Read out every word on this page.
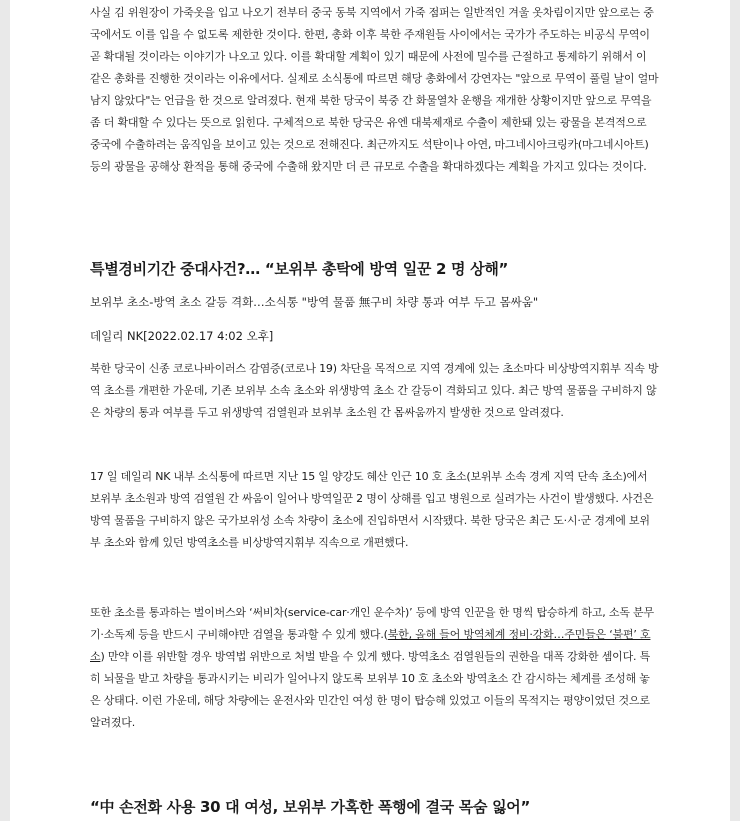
사실 김 위원장이 가죽옷을 입고 나오기 전부터 중국 동북 지역에서 가죽 점퍼는 일반적인 겨울 옷차림이지만 앞으로는 중국에서도 이를 입을 수 없도록 제한한 것이다. 한편, 총화 이후 북한 주재원들 사이에서는 국가가 주도하는 비공식 무역이 곧 확대될 것이라는 이야기가 나오고 있다. 이를 확대할 계획이 있기 때문에 사전에 밀수를 근절하고 통제하기 위해서 이 같은 총화를 진행한 것이라는 이유에서다. 실제로 소식통에 따르면 해당 총화에서 강연자는 "앞으로 무역이 풀릴 날이 얼마 남지 않았다"는 언급을 한 것으로 알려졌다. 현재 북한 당국이 북중 간 화물열차 운행을 재개한 상황이지만 앞으로 무역을 좀 더 확대할 수 있다는 뜻으로 읽힌다. 구체적으로 북한 당국은 유엔 대북제재로 수출이 제한돼 있는 광물을 본격적으로 중국에 수출하려는 움직임을 보이고 있는 것으로 전해진다. 최근까지도 석탄이나 아연, 마그네시아크링카(마그네시아트) 등의 광물을 공해상 환적을 통해 중국에 수출해 왔지만 더 큰 규모로 수출을 확대하겠다는 계획을 가지고 있다는 것이다.

특별경비기간 중대사건?… “보위부 총탁에 방역 일꾼 2 명 상해”

보위부 초소-방역 초소 갈등 격화…소식통 "방역 물품 無구비 차량 통과 여부 두고 몸싸움"

데일리 NK[2022.02.17 4:02 오후]

북한 당국이 신종 코로나바이러스 감염증(코로나 19) 차단을 목적으로 지역 경계에 있는 초소마다 비상방역지휘부 직속 방역 초소를 개편한 가운데, 기존 보위부 소속 초소와 위생방역 초소 간 갈등이 격화되고 있다. 최근 방역 물품을 구비하지 않은 차량의 통과 여부를 두고 위생방역 검열원과 보위부 초소원 간 몸싸움까지 발생한 것으로 알려졌다.

17 일 데일리 NK 내부 소식통에 따르면 지난 15 일 양강도 혜산 인근 10 호 초소(보위부 소속 경계 지역 단속 초소)에서 보위부 초소원과 방역 검열원 간 싸움이 일어나 방역일꾼 2 명이 상해를 입고 병원으로 실려가는 사건이 발생했다. 사건은 방역 물품을 구비하지 않은 국가보위성 소속 차량이 초소에 진입하면서 시작됐다. 북한 당국은 최근 도·시·군 경계에 보위부 초소와 함께 있던 방역초소를 비상방역지휘부 직속으로 개편했다.

또한 초소를 통과하는 벌이버스와 ‘써비차(service-car·개인 운수차)’ 등에 방역 인꾼을 한 명씩 탑승하게 하고, 소독 분무기·소독제 등을 반드시 구비해야만 검열을 통과할 수 있게 했다.(북한, 올해 들어 방역체계 정비·강화…주민들은 ‘불편’ 호소) 만약 이를 위반할 경우 방역법 위반으로 처벌 받을 수 있게 했다. 방역초소 검열원들의 권한을 대폭 강화한 셈이다. 특히 뇌물을 받고 차량을 통과시키는 비리가 일어나지 않도록 보위부 10 호 초소와 방역초소 간 감시하는 체계를 조성해 놓은 상태다. 이런 가운데, 해당 차량에는 운전사와 민간인 여성 한 명이 탑승해 있었고 이들의 목적지는 평양이었던 것으로 알려졌다.

“中 손전화 사용 30 대 여성, 보위부 가혹한 폭행에 결국 목숨 잃어”
